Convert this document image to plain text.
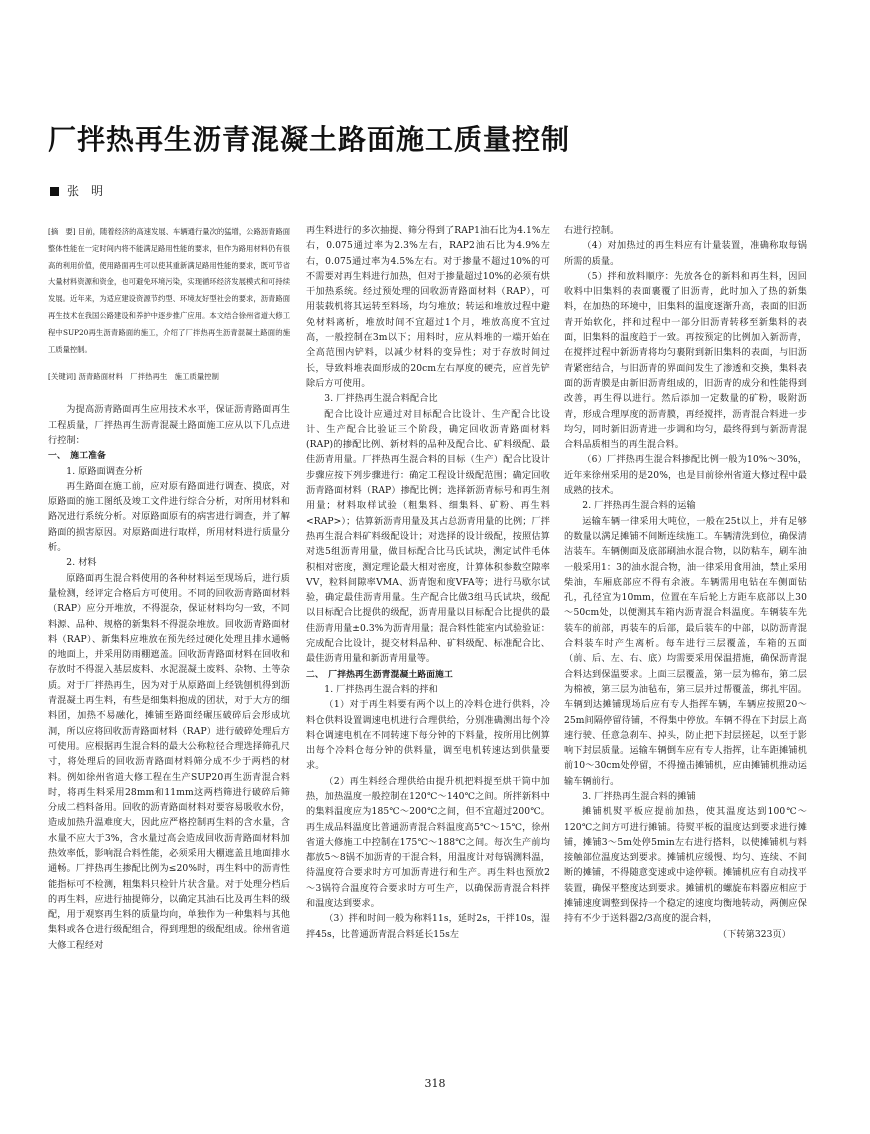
厂拌热再生沥青混凝土路面施工质量控制
张　明

[摘　要] 目前，随着经济的高速发展、车辆通行量次的猛增，公路沥青路面整体性能在一定时间内将不能满足路用性能的要求，但作为路用材料仍有很高的利用价值，使用路面再生可以使其重新满足路用性能的要求，既可节省大量材料资源和资金，也可避免环境污染，实现循环经济发展模式和可持续发展。近年来，为适应建设资源节约型、环境友好型社会的要求，沥青路面再生技术在我国公路建设和养护中逐步推广应用。本文结合徐州省道大修工程中SUP20再生沥青路面的施工，介绍了厂拌热再生沥青混凝土路面的施工质量控制。

[关键词] 沥青路面材料　厂拌热再生　施工质量控制

为提高沥青路面再生应用技术水平，保证沥青路面再生工程质量，厂拌热再生沥青混凝土路面施工应从以下几点进行控制：

一、　施工准备

1. 原路面调查分析

再生路面在施工前，应对原有路面进行调查、摸底，对原路面的施工图纸及竣工文件进行综合分析，对所用材料和路况进行系统分析。对原路面原有的病害进行调查，并了解路面的损害原因。对原路面进行取样，所用材料进行质量分析。

2. 材料

原路面再生混合料使用的各种材料运至现场后，进行质量检测，经评定合格后方可使用。不同的回收沥青路面材料（RAP）应分开堆放，不得混杂，保证材料均匀一致，不同料源、品种、规格的新集料不得混杂堆放。回收沥青路面材料（RAP）、新集料应堆放在预先经过硬化处理且排水通畅的地面上，并采用防雨棚遮盖。回收沥青路面材料在回收和存放时不得混入基层废料、水泥混凝土废料、杂物、土等杂质。对于厂拌热再生，因为对于从原路面上经铣刨机得到沥青混凝土再生料，有些是细集料抱成的团状，对于大方的细料团，加热不易融化，摊铺至路面经碾压破碎后会形成坑洞，所以应将回收沥青路面材料（RAP）进行破碎处理后方可使用。应根据再生混合料的最大公称粒径合理选择筛孔尺寸，将处理后的回收沥青路面材料筛分成不少于两档的材料。例如徐州省道大修工程在生产SUP20再生沥青混合料时，将再生料采用28mm和11mm这两档筛进行破碎后筛分成二档料备用。回收的沥青路面材料对要容易吸收水份，造成加热升温难度大，因此应严格控制再生料的含水量，含水量不应大于3%，含水量过高会造成回收沥青路面材料加热效率低，影响混合料性能，必须采用大棚遮盖且地面排水通畅。厂拌热再生掺配比例为≤20%时，再生料中的沥青性能指标可不检测，粗集料只检针片状含量。对于处理分档后的再生料，应进行抽提筛分，以确定其油石比及再生料的级配，用于观察再生料的质量均向，单独作为一种集料与其他集料或各仓进行级配组合，得到理想的级配组成。徐州省道大修工程经对

再生料进行的多次抽提、筛分得到了RAP1油石比为4.1%左右，0.075通过率为2.3%左右，RAP2油石比为4.9%左右，0.075通过率为4.5%左右。对于掺量不超过10%的可不需要对再生料进行加热，但对于掺量超过10%的必须有烘干加热系统。经过预处理的回收沥青路面材料（RAP），可用装载机将其运转至料场，均匀堆放；转运和堆放过程中避免材料离析，堆放时间不宜超过1个月，堆放高度不宜过高，一般控制在3m以下；用料时，应从料堆的一端开始在全高范围内铲料，以减少材料的变异性；对于存放时间过长，导致料堆表面形成的20cm左右厚度的硬壳，应首先铲除后方可使用。

3. 厂拌热再生混合料配合比

配合比设计应通过对目标配合比设计、生产配合比设计、生产配合比验证三个阶段，确定回收沥青路面材料(RAP)的掺配比例、新材料的品种及配合比、矿料级配、最佳沥青用量。厂拌热再生混合料的目标（生产）配合比设计步骤应按下列步骤进行：确定工程设计级配范围；确定回收沥青路面材料（RAP）掺配比例；选择新沥青标号和再生剂用量；材料取样试验（粗集料、细集料、矿粉、再生料<RAP>）；估算新沥青用量及其占总沥青用量的比例；厂拌热再生混合料矿料级配设计；对选择的设计级配，按照估算对选5组沥青用量，做目标配合比马氏试块，测定试件毛体积相对密度，测定理论最大相对密度，计算体积参数空隙率VV，粒料间隙率VMA、沥青饱和度VFA等；进行马歇尔试验，确定最佳沥青用量。生产配合比做3组马氏试块，级配以目标配合比提供的级配，沥青用量以目标配合比提供的最佳沥青用量±0.3%为沥青用量；混合料性能室内试验验证：完成配合比设计，提交材料品种、矿料级配、标准配合比、最佳沥青用量和新沥青用量等。

二、　厂拌热再生沥青混凝土路面施工

1. 厂拌热再生混合料的拌和

（1）对于再生料要有两个以上的冷料仓进行供料，冷料仓供料设置调速电机进行合理供给，分别准确测出每个冷料仓调速电机在不同转速下每分钟的下料量，按所用比例算出每个冷料仓每分钟的供料量，调至电机转速达到供量要求。

（2）再生料经合理供给由提升机把料提至烘干筒中加热，加热温度一般控制在120℃～140℃之间。所拌新料中的集料温度应为185℃～200℃之间，但不宜超过200℃。再生成品料温度比普通沥青混合料温度高5℃～15℃，徐州省道大修施工中控制在175℃～188℃之间。每次生产前均都放5～8锅不加沥青的干混合料，用温度计对每锅测料温，待温度符合要求时方可加沥青进行和生产。再生料也预放2～3锅符合温度符合要求时方可生产，以确保沥青混合料拌和温度达到要求。

（3）拌和时间一般为称料11s，延时2s，干拌10s，湿拌45s，比普通沥青混合料延长15s左

右进行控制。

（4）对加热过的再生料应有计量装置，准确称取每锅所需的质量。

（5）拌和放料顺序：先放各仓的新料和再生料，因回收料中旧集料的表面裹覆了旧沥青，此时加入了热的新集料，在加热的环境中，旧集料的温度逐渐升高，表面的旧沥青开始软化，拌和过程中一部分旧沥青转移至新集料的表面，旧集料的温度趋于一致。再按预定的比例加入新沥青，在搅拌过程中新沥青将均匀裹附到新旧集料的表面，与旧沥青紧密结合，与旧沥青的界面间发生了渗透和交换，集料表面的沥青膜是由新旧沥青组成的，旧沥青的成分和性能得到改善，再生得以进行。然后添加一定数量的矿粉，吸附沥青，形成合理厚度的沥青膜，再经搅拌，沥青混合料进一步均匀，同时新旧沥青进一步调和均匀，最终得到与新沥青混合料品质相当的再生混合料。

（6）厂拌热再生混合料掺配比例一般为10%～30%，近年来徐州采用的是20%，也是目前徐州省道大修过程中最成熟的技术。

2. 厂拌热再生混合料的运输

运输车辆一律采用大吨位，一般在25t以上，并有足够的数量以满足摊铺不间断连续施工。车辆清洗到位，确保清洁装车。车辆侧面及底部刷油水混合物，以防粘车，刷车油一般采用1：3的油水混合物，油一律采用食用油，禁止采用柴油，车厢底部应不得有余液。车辆需用电钻在车侧面钻孔，孔径宜为10mm，位置在车后轮上方距车底部以上30～50cm处，以便测其车箱内沥青混合料温度。车辆装车先装车的前部，再装车的后部，最后装车的中部，以防沥青混合料装车时产生离析。每车进行三层覆盖，车箱的五面（前、后、左、右、底）均需要采用保温措施，确保沥青混合料达到保温要求。上面三层覆盖，第一层为棉布，第二层为棉被，第三层为油毡布，第三层并过帮覆盖，绑扎牢固。车辆到达摊铺现场后应有专人指挥车辆，车辆应按照20～25m间隔停留待铺，不得集中停放。车辆不得在下封层上高速行驶、任意急刹车、掉头，防止把下封层搓起，以至于影响下封层质量。运输车辆倒车应有专人指挥，让车距摊铺机前10～30cm处停留，不得撞击摊铺机，应由摊铺机推动运输车辆前行。

3. 厂拌热再生混合料的摊铺

摊铺机熨平板应提前加热，使其温度达到100℃～120℃之间方可进行摊铺。待熨平板的温度达到要求进行摊铺，摊铺3～5m处停5min左右进行搭料，以使摊铺机与料接触部位温度达到要求。摊铺机应缓慢、均匀、连续、不间断的摊铺，不得随意变速或中途停顿。摊铺机应有自动找平装置，确保平整度达到要求。摊铺机的螺旋布料器应相应于摊铺速度调整到保持一个稳定的速度均衡地转动，两侧应保持有不少于送料器2/3高度的混合料，

（下转第323页）

318
